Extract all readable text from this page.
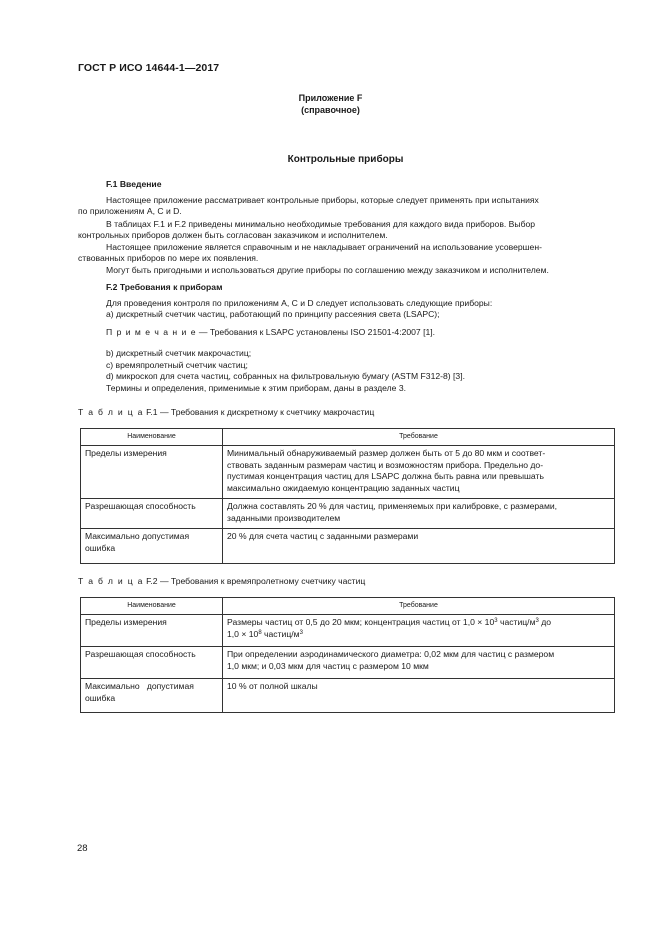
ГОСТ Р ИСО 14644-1—2017
Приложение F
(справочное)
Контрольные приборы
F.1 Введение
Настоящее приложение рассматривает контрольные приборы, которые следует применять при испытаниях
по приложениям A, C и D.
В таблицах F.1 и F.2 приведены минимально необходимые требования для каждого вида приборов. Выбор
контрольных приборов должен быть согласован заказчиком и исполнителем.
Настоящее приложение является справочным и не накладывает ограничений на использование усовершен-
ствованных приборов по мере их появления.
Могут быть пригодными и использоваться другие приборы по соглашению между заказчиком и исполнителем.
F.2 Требования к приборам
Для проведения контроля по приложениям A, C и D следует использовать следующие приборы:
а) дискретный счетчик частиц, работающий по принципу рассеяния света (LSAPC);
П р и м е ч а н и е — Требования к LSAPC установлены ISO 21501-4:2007 [1].
b) дискретный счетчик макрочастиц;
c) времяпролетный счетчик частиц;
d) микроскоп для счета частиц, собранных на фильтровальную бумагу (ASTM F312-8) [3].
Термины и определения, применимые к этим приборам, даны в разделе 3.
Т а б л и ц а F.1 — Требования к дискретному к счетчику макрочастиц
Наименование	Требование

Пределы измерения	Минимальный обнаруживаемый размер должен быть от 5 до 80 мкм и соответ-
ствовать заданным размерам частиц и возможностям прибора. Предельно до-
пустимая концентрация частиц для LSAPC должна быть равна или превышать
максимально ожидаемую концентрацию заданных частиц

Разрешающая способность	Должна составлять 20 % для частиц, применяемых при калибровке, с размерами,
заданными производителем

Максимально допустимая
ошибка	20 % для счета частиц с заданными размерами
Т а б л и ц а F.2 — Требования к времяпролетному счетчику частиц
Наименование	Требование

Пределы измерения	Размеры частиц от 0,5 до 20 мкм; концентрация частиц от $1,0 \times 10^3$ частиц/$м^3$ до
$1,0 \times 10^8$ частиц/$м^3$

Разрешающая способность	При определении аэродинамического диаметра: 0,02 мкм для частиц с размером
1,0 мкм; и 0,03 мкм для частиц с размером 10 мкм

Максимально   допустимая
ошибка	10 % от полной шкалы
28
